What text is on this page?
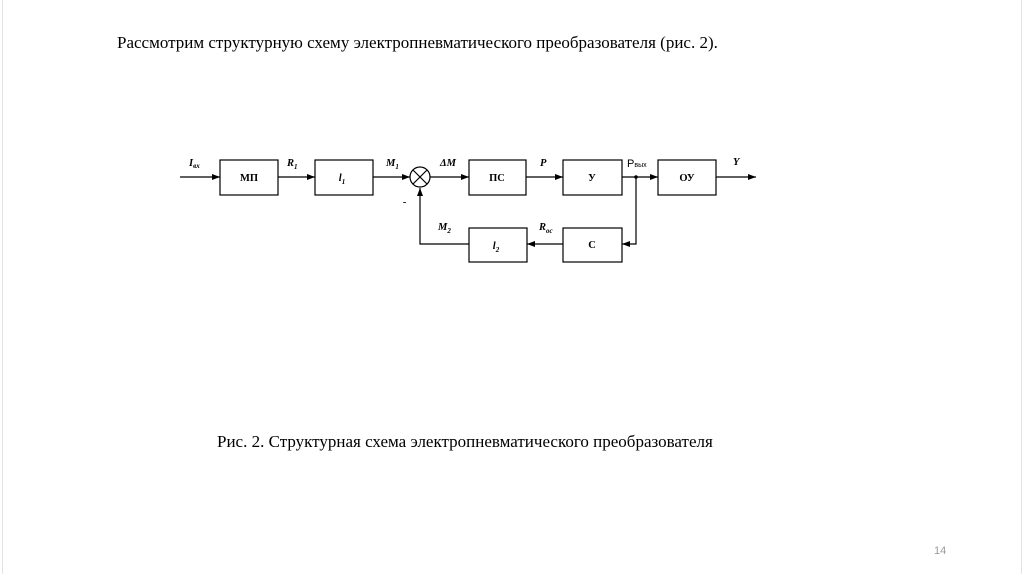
Рассмотрим структурную схему электропневматического преобразователя (рис. 2).
МП	$l_1$	ПС	У	ОУ
С
$l_2$
Iвх	$R_1$	$M_1$	ΔM	P	Pвых	Y
$R_{ос}$
$M_2$
-
Рис. 2. Структурная схема электропневматического преобразователя
14
